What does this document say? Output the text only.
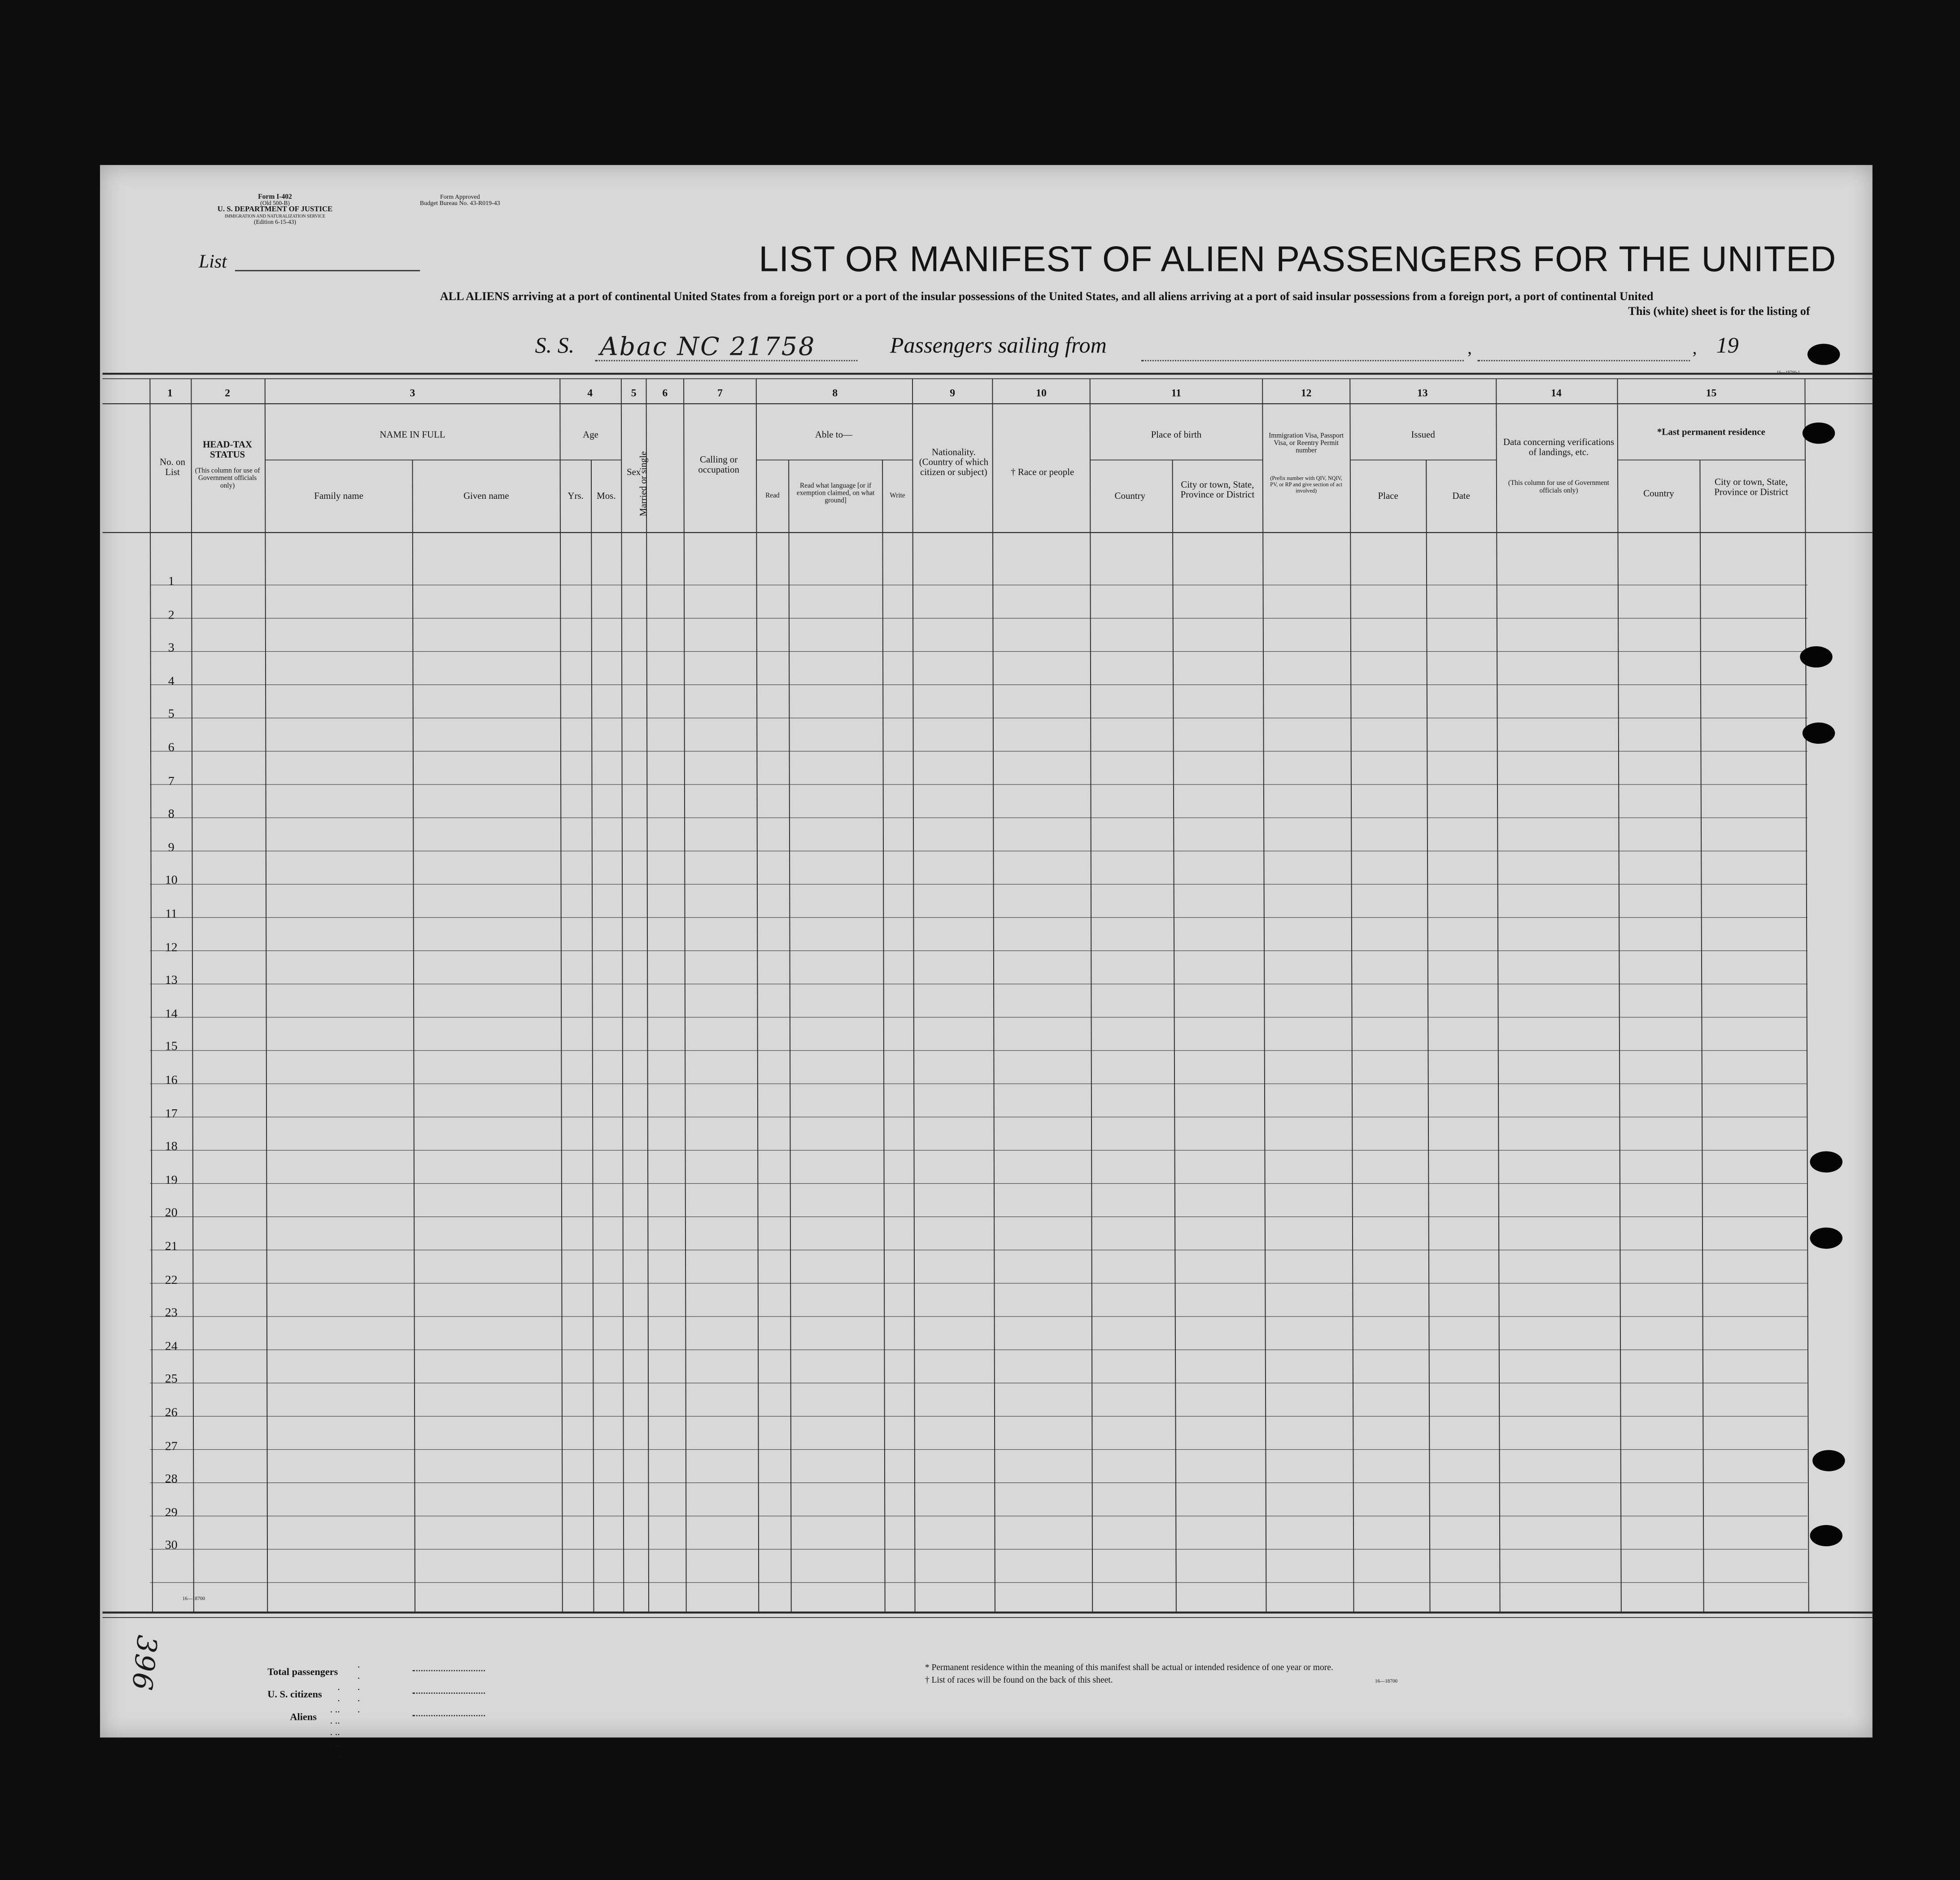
Form I-402
(Old 500-B)
U. S. DEPARTMENT OF JUSTICE
IMMIGRATION AND NATURALIZATION SERVICE
(Edition 6-15-43)
Form Approved
Budget Bureau No. 43-R019-43
List	LIST OR MANIFEST OF ALIEN PASSENGERS FOR THE UNITED
ALL ALIENS arriving at a port of continental United States from a foreign port or a port of the insular possessions of the United States, and all aliens arriving at a port of said insular possessions from a foreign port, a port of continental United
This (white) sheet is for the listing of
S. S.	Abac NC 21758	Passengers sailing from	,	, 19
16—18700-1
1	2	3	4	5	6	7	8	9	10	11	12	13	14	15
No. on List
HEAD-TAX STATUS
(This column for use of Government officials only)
NAME IN FULL
Family name	Given name
Age
Yrs.	Mos.
Sex
Married or single	Calling or occupation
Able to—
Read
Read what language [or if exemption claimed, on what ground]
Write
Nationality. (Country of which citizen or subject)	† Race or people
Place of birth
Country
City or town, State, Province or District
Immigration Visa, Passport Visa, or Reentry Permit number
(Prefix number with QIV, NQIV, PV, or RP and give section of act involved)
Issued
Place	Date
Data concerning verifications of landings, etc.
(This column for use of Government officials only)
*Last permanent residence
Country
City or town, State, Province or District
1
2
3
4
5
6
7
8
9
10
11
12
13
14
15
16
17
18
19
20
21
22
23
24
25
26
27
28
29
30
16—18700
396	Total passengers
. . . . .
U. S. citizens
. . . . . . .
Aliens
. . . . . . . .
* Permanent residence within the meaning of this manifest shall be actual or intended residence of one year or more.
† List of races will be found on the back of this sheet.	16—18700
